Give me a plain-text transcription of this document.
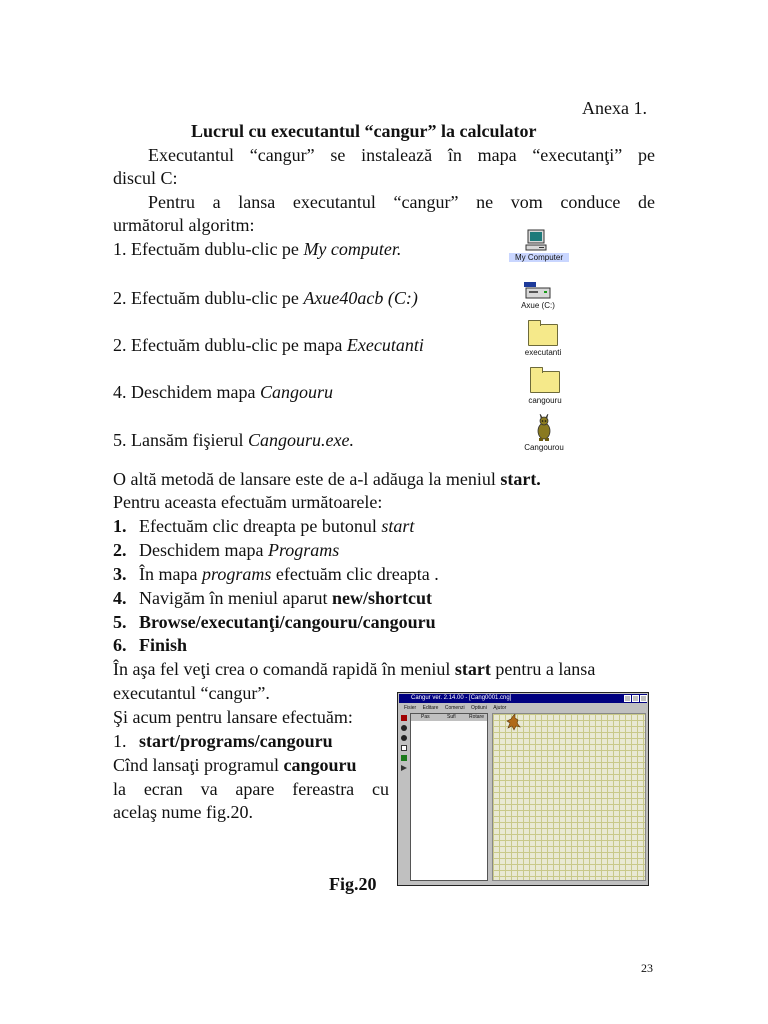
Anexa 1.
Lucrul cu executantul “cangur” la calculator
Executantul “cangur” se instalează în mapa “executanţi” pe
discul C:
Pentru a lansa executantul “cangur” ne vom conduce de
următorul algoritm:
1. Efectuăm dublu-clic pe My computer.
2. Efectuăm dublu-clic pe Axue40acb (C:)
2. Efectuăm dublu-clic pe mapa Executanti
4. Deschidem mapa Cangouru
5. Lansăm fişierul Cangouru.exe.
My Computer
Axue (C:)
executanti
cangouru
Cangourou
O altă metodă de lansare este de a-l adăuga la meniul start.
Pentru aceasta efectuăm următoarele:
1. Efectuăm clic dreapta pe butonul start
2. Deschidem mapa Programs
3. În mapa programs efectuăm clic dreapta .
4. Navigăm în meniul aparut new/shortcut
5. Browse/executanţi/cangouru/cangouru
6. Finish
În aşa fel veţi crea o comandă rapidă în meniul start pentru a lansa
executantul “cangur”.
Şi acum pentru lansare efectuăm:
1. start/programs/cangouru
Cînd lansaţi programul cangouru
la ecran va apare fereastra cu
acelaş nume fig.20.
Fig.20
Cangur ver. 2.14.00 - [Cang0001.cng]
Fisier Editare Comenzi Optiuni Ajutor
Pas	Sufl	Rotare
23
